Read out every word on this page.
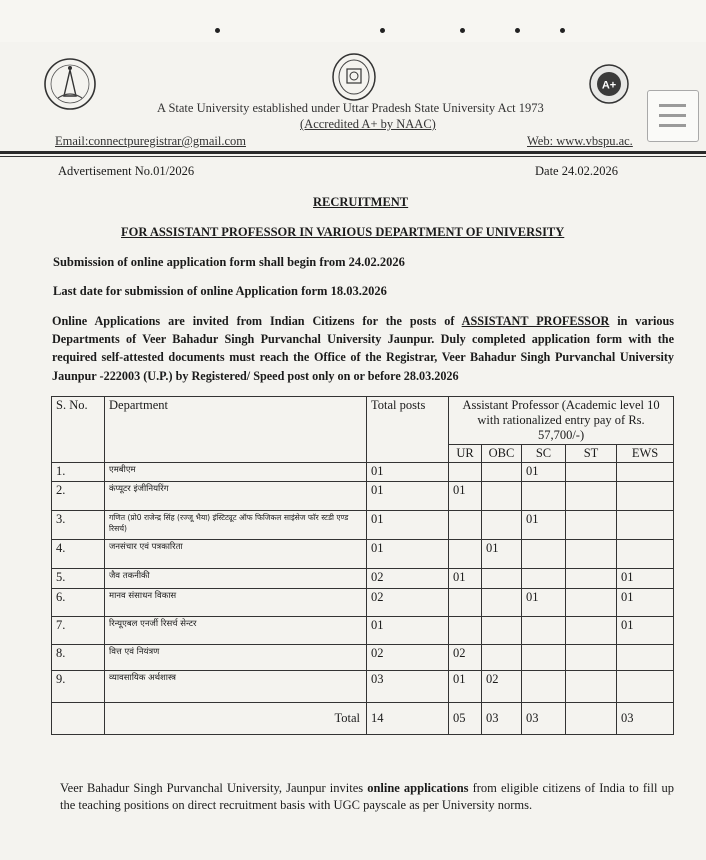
A+
A State University established under Uttar Pradesh State University Act 1973
(Accredited A+ by NAAC)
Email:connectpuregistrar@gmail.com	Web: www.vbspu.ac.
Advertisement No.01/2026	Date 24.02.2026
RECRUITMENT
FOR ASSISTANT PROFESSOR IN VARIOUS DEPARTMENT OF UNIVERSITY
Submission of online application form shall begin from 24.02.2026
Last date for submission of online Application form 18.03.2026
Online Applications are invited from Indian Citizens for the posts of ASSISTANT PROFESSOR in various Departments of Veer Bahadur Singh Purvanchal University Jaunpur. Duly completed application form with the required self-attested documents must reach the Office of the Registrar, Veer Bahadur Singh Purvanchal University Jaunpur -222003 (U.P.) by Registered/ Speed post only on or before 28.03.2026
S. No.	Department	Total posts	Assistant Professor (Academic level 10 with rationalized entry pay of Rs. 57,700/-)				
			UR	OBC	SC	ST	EWS
1.	एमबीएम	01			01		
2.	कंप्यूटर इंजीनियरिंग	01	01				
3.	गणित (प्रो0 राजेन्द्र सिंह (रज्जू भैया) इंस्टिट्यूट ऑफ फिजिकल साइंसेज फॉर स्टडी एण्ड रिसर्च)	01			01		
4.	जनसंचार एवं पत्रकारिता	01		01			
5.	जैव तकनीकी	02	01				01
6.	मानव संसाधन विकास	02			01		01
7.	रिन्यूएबल एनर्जी रिसर्च सेन्टर	01					01
8.	वित्त एवं नियंत्रण	02	02				
9.	व्यावसायिक अर्थशास्त्र	03	01	02			
	Total	14	05	03	03		03
Veer Bahadur Singh Purvanchal University, Jaunpur invites online applications from eligible citizens of India to fill up the teaching positions on direct recruitment basis with UGC payscale as per University norms.
